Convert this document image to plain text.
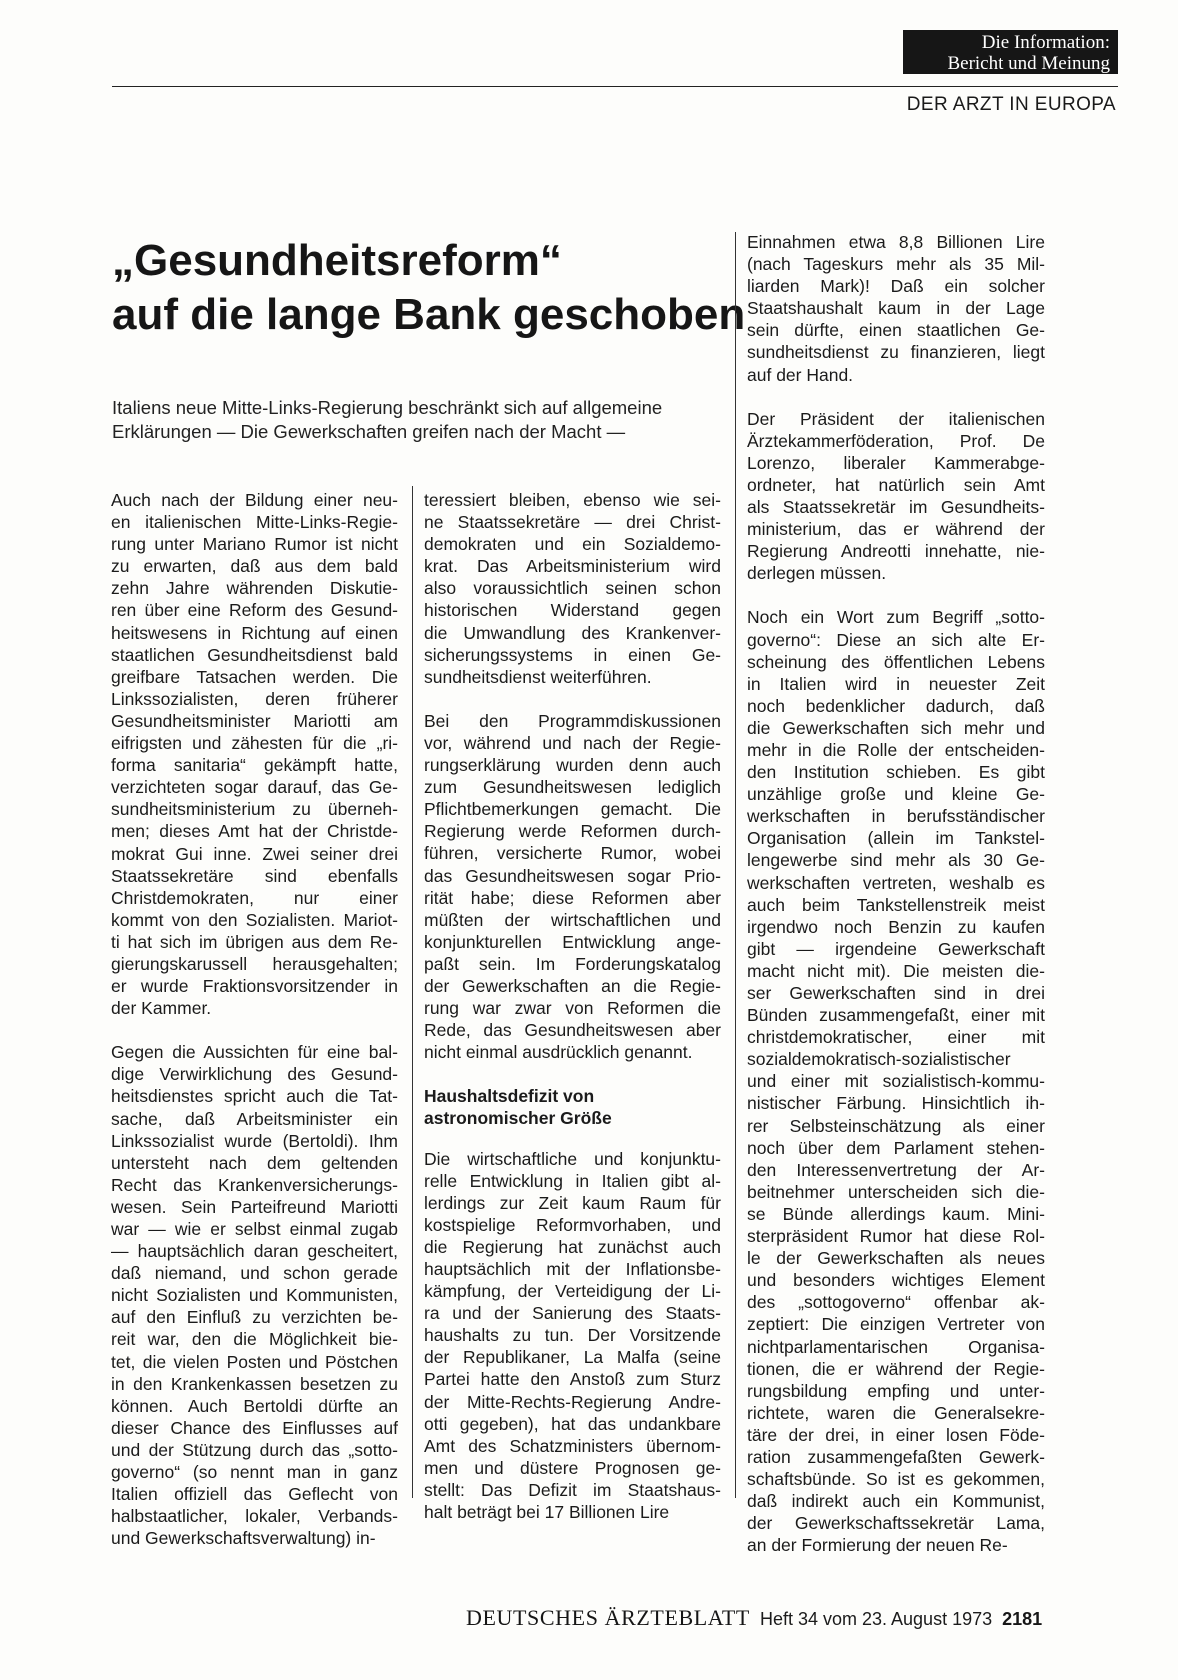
Die Information:
Bericht und Meinung
DER ARZT IN EUROPA
„Gesundheitsreform“
auf die lange Bank geschoben
Italiens neue Mitte-Links-Regierung beschränkt sich auf allgemeine
Erklärungen — Die Gewerkschaften greifen nach der Macht —

Auch nach der Bildung einer neu-
en italienischen Mitte-Links-Regie-
rung unter Mariano Rumor ist nicht
zu erwarten, daß aus dem bald
zehn Jahre währenden Diskutie-
ren über eine Reform des Gesund-
heitswesens in Richtung auf einen
staatlichen Gesundheitsdienst bald
greifbare Tatsachen werden. Die
Linkssozialisten, deren früherer
Gesundheitsminister Mariotti am
eifrigsten und zähesten für die „ri-
forma sanitaria“ gekämpft hatte,
verzichteten sogar darauf, das Ge-
sundheitsministerium zu überneh-
men; dieses Amt hat der Christde-
mokrat Gui inne. Zwei seiner drei
Staatssekretäre sind ebenfalls
Christdemokraten, nur einer
kommt von den Sozialisten. Mariot-
ti hat sich im übrigen aus dem Re-
gierungskarussell herausgehalten;
er wurde Fraktionsvorsitzender in
der Kammer.

Gegen die Aussichten für eine bal-
dige Verwirklichung des Gesund-
heitsdienstes spricht auch die Tat-
sache, daß Arbeitsminister ein
Linkssozialist wurde (Bertoldi). Ihm
untersteht nach dem geltenden
Recht das Krankenversicherungs-
wesen. Sein Parteifreund Mariotti
war — wie er selbst einmal zugab
— hauptsächlich daran gescheitert,
daß niemand, und schon gerade
nicht Sozialisten und Kommunisten,
auf den Einfluß zu verzichten be-
reit war, den die Möglichkeit bie-
tet, die vielen Posten und Pöstchen
in den Krankenkassen besetzen zu
können. Auch Bertoldi dürfte an
dieser Chance des Einflusses auf
und der Stützung durch das „sotto-
governo“ (so nennt man in ganz
Italien offiziell das Geflecht von
halbstaatlicher, lokaler, Verbands-
und Gewerkschaftsverwaltung) in-

teressiert bleiben, ebenso wie sei-
ne Staatssekretäre — drei Christ-
demokraten und ein Sozialdemo-
krat. Das Arbeitsministerium wird
also voraussichtlich seinen schon
historischen Widerstand gegen
die Umwandlung des Krankenver-
sicherungssystems in einen Ge-
sundheitsdienst weiterführen.

Bei den Programmdiskussionen
vor, während und nach der Regie-
rungserklärung wurden denn auch
zum Gesundheitswesen lediglich
Pflichtbemerkungen gemacht. Die
Regierung werde Reformen durch-
führen, versicherte Rumor, wobei
das Gesundheitswesen sogar Prio-
rität habe; diese Reformen aber
müßten der wirtschaftlichen und
konjunkturellen Entwicklung ange-
paßt sein. Im Forderungskatalog
der Gewerkschaften an die Regie-
rung war zwar von Reformen die
Rede, das Gesundheitswesen aber
nicht einmal ausdrücklich genannt.

Haushaltsdefizit von
astronomischer Größe

Die wirtschaftliche und konjunktu-
relle Entwicklung in Italien gibt al-
lerdings zur Zeit kaum Raum für
kostspielige Reformvorhaben, und
die Regierung hat zunächst auch
hauptsächlich mit der Inflationsbe-
kämpfung, der Verteidigung der Li-
ra und der Sanierung des Staats-
haushalts zu tun. Der Vorsitzende
der Republikaner, La Malfa (seine
Partei hatte den Anstoß zum Sturz
der Mitte-Rechts-Regierung Andre-
otti gegeben), hat das undankbare
Amt des Schatzministers übernom-
men und düstere Prognosen ge-
stellt: Das Defizit im Staatshaus-
halt beträgt bei 17 Billionen Lire

Einnahmen etwa 8,8 Billionen Lire
(nach Tageskurs mehr als 35 Mil-
liarden Mark)! Daß ein solcher
Staatshaushalt kaum in der Lage
sein dürfte, einen staatlichen Ge-
sundheitsdienst zu finanzieren, liegt
auf der Hand.

Der Präsident der italienischen
Ärztekammerföderation, Prof. De
Lorenzo, liberaler Kammerabge-
ordneter, hat natürlich sein Amt
als Staatssekretär im Gesundheits-
ministerium, das er während der
Regierung Andreotti innehatte, nie-
derlegen müssen.

Noch ein Wort zum Begriff „sotto-
governo“: Diese an sich alte Er-
scheinung des öffentlichen Lebens
in Italien wird in neuester Zeit
noch bedenklicher dadurch, daß
die Gewerkschaften sich mehr und
mehr in die Rolle der entscheiden-
den Institution schieben. Es gibt
unzählige große und kleine Ge-
werkschaften in berufsständischer
Organisation (allein im Tankstel-
lengewerbe sind mehr als 30 Ge-
werkschaften vertreten, weshalb es
auch beim Tankstellenstreik meist
irgendwo noch Benzin zu kaufen
gibt — irgendeine Gewerkschaft
macht nicht mit). Die meisten die-
ser Gewerkschaften sind in drei
Bünden zusammengefaßt, einer mit
christdemokratischer, einer mit
sozialdemokratisch-sozialistischer
und einer mit sozialistisch-kommu-
nistischer Färbung. Hinsichtlich ih-
rer Selbsteinschätzung als einer
noch über dem Parlament stehen-
den Interessenvertretung der Ar-
beitnehmer unterscheiden sich die-
se Bünde allerdings kaum. Mini-
sterpräsident Rumor hat diese Rol-
le der Gewerkschaften als neues
und besonders wichtiges Element
des „sottogoverno“ offenbar ak-
zeptiert: Die einzigen Vertreter von
nichtparlamentarischen Organisa-
tionen, die er während der Regie-
rungsbildung empfing und unter-
richtete, waren die Generalsekre-
täre der drei, in einer losen Föde-
ration zusammengefaßten Gewerk-
schaftsbünde. So ist es gekommen,
daß indirekt auch ein Kommunist,
der Gewerkschaftssekretär Lama,
an der Formierung der neuen Re-

DEUTSCHES ÄRZTEBLATT Heft 34 vom 23. August 1973 2181
